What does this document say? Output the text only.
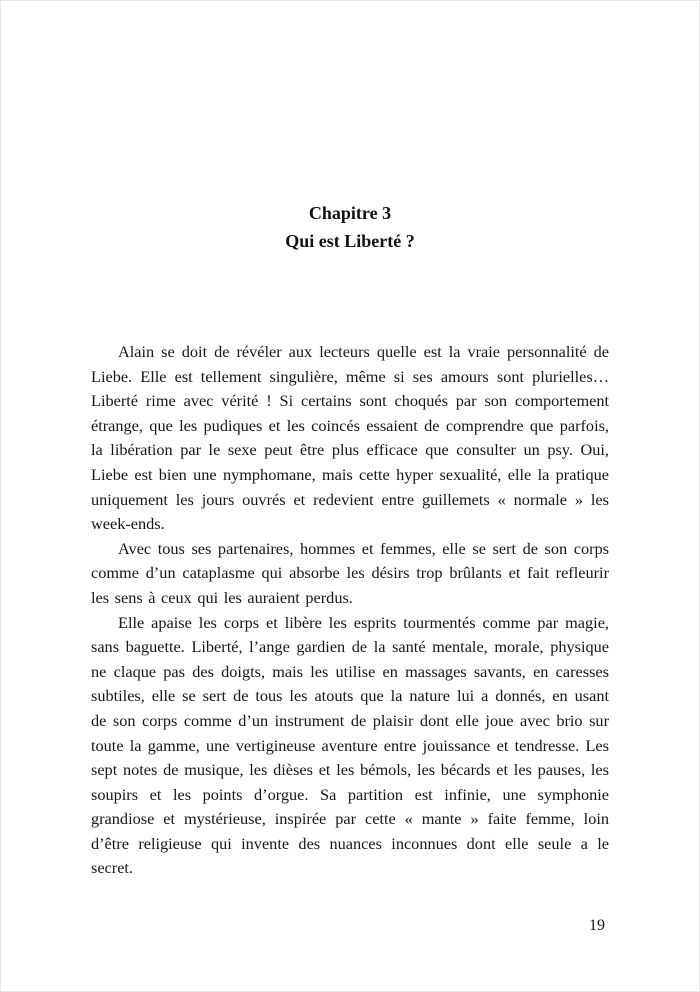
Chapitre 3
Qui est Liberté ?

Alain se doit de révéler aux lecteurs quelle est la vraie personnalité de Liebe. Elle est tellement singulière, même si ses amours sont plurielles… Liberté rime avec vérité ! Si certains sont choqués par son comportement étrange, que les pudiques et les coincés essaient de comprendre que parfois, la libération par le sexe peut être plus efficace que consulter un psy. Oui, Liebe est bien une nymphomane, mais cette hyper sexualité, elle la pratique uniquement les jours ouvrés et redevient entre guillemets « normale » les week-ends.

Avec tous ses partenaires, hommes et femmes, elle se sert de son corps comme d’un cataplasme qui absorbe les désirs trop brûlants et fait refleurir les sens à ceux qui les auraient perdus.

Elle apaise les corps et libère les esprits tourmentés comme par magie, sans baguette. Liberté, l’ange gardien de la santé mentale, morale, physique ne claque pas des doigts, mais les utilise en massages savants, en caresses subtiles, elle se sert de tous les atouts que la nature lui a donnés, en usant de son corps comme d’un instrument de plaisir dont elle joue avec brio sur toute la gamme, une vertigineuse aventure entre jouissance et tendresse. Les sept notes de musique, les dièses et les bémols, les bécards et les pauses, les soupirs et les points d’orgue. Sa partition est infinie, une symphonie grandiose et mystérieuse, inspirée par cette « mante » faite femme, loin d’être religieuse qui invente des nuances inconnues dont elle seule a le secret.

19
